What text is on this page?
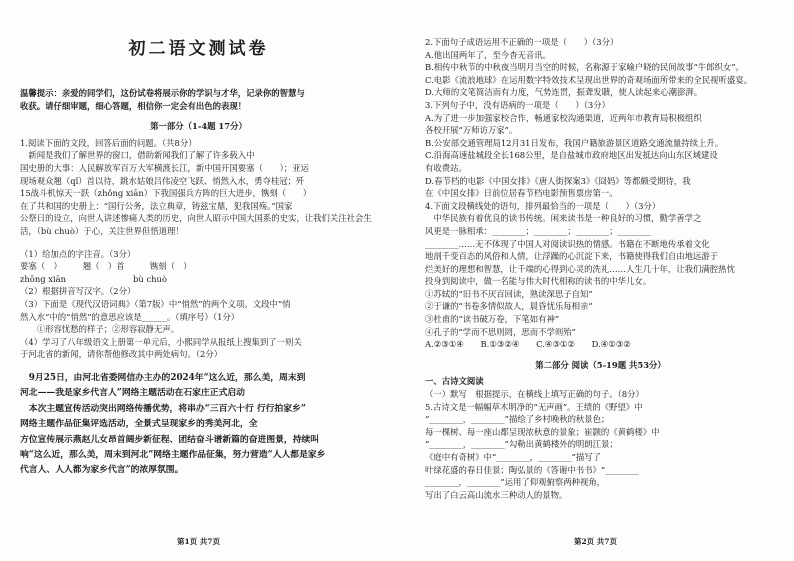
初二语文测试卷
温馨提示：亲爱的同学们，这份试卷将展示你的学识与才华，记录你的智慧与
收获。请仔细审题，细心答题，相信你一定会有出色的表现！
第一部分（1-4题 17分）
1.阅读下面的文段，回答后面的问题。（共8分）
　新闻是我们了解世界的窗口，借助新闻我们了解了许多载入中
国史册的大事：人民解放军百万大军横渡长江，新中国开国要塞（　　）；亚运
现场观众翘（qǐ）首以待，跳水姑娘吕伟凌空飞跃、悄然入水，勇夺桂冠；歼
15战斗机惊天一跃（zhǒng xiān）下我国强兵方阵的巨大进步，镌刻（　　）
在了共和国的史册上：“国行公务，法立典章，铸兹宝鼎，犯我国殇。”国家
公祭日的设立，向世人讲述惨痛人类的历史，向世人昭示中国大国系的史实，让我们关注社会生
活，（bù chuò）于心，关注世界但悟道理！
（1）给加点的字注音。（3分）
要塞（　）　　　翘（　）首　　　镌刻（　）
zhōng xiān　　　　　　　　bù chuò
（2）根据拼音写汉字。（2分）
（3）下面是《现代汉语词典》（第7版）中“悄然”的两个义项。文段中“悄
然入水”中的“悄然”的意思应该是______。（填序号）（1分）
　　①形容忧愁的样子；②形容寂静无声。
（4）学习了八年级语文上册第一单元后，小熙同学从报纸上搜集到了一则关
于河北省的新闻，请你帮他修改其中两处病句。（2分）
　9月25日，由河北省委网信办主办的2024年“这么近，那么美，周末到
河北——我是家乡代言人”网络主题活动在石家庄正式启动
　本次主题宣传活动突出网络传播优势，将串办“三百六十行 行行拍家乡”
网络主题作品征集评选活动，全景式呈现家乡的秀美河北，全
方位宣传展示燕赵儿女昂首阔步新征程、团结奋斗谱新篇的奋进图景，持续叫
响“这么近，那么美，周末到河北”网络主题作品征集，努力营造“人人都是家乡
代言人、人人都为家乡代言”的浓厚氛围。
第1页 共7页
2.下面句子成语运用不正确的一项是（　　）（3分）
A.他出国两年了，至今杳无音讯。
B.相传中秋节的中秋夜当明月当空的时候，名称源于家喻户晓的民间故事“牛郎织女”。
C.电影《流浪地球》在运用数字特效技术呈现出世界的奇观场面所带来的全民视听盛宴。
D.大师的文笔简洁而有力度，气势连贯，振聋发聩，使人读起来心潮澎湃。
3.下列句子中，没有语病的一项是（　　）（3分）
A.为了进一步加强家校合作，畅通家校沟通渠道，近两年市教育局积极组织
各校开展“万师访万家”。
B.公安部交通管理局12月31日发布，我国户籍旅游景区道路交通流量持续上升。
C.沿海高速盐城段全长168公里，是自盐城市政府地区出发抵达向山东区域建设
有收费站。
D.春节档的电影《中国女排》《唐人街探案3》《囧妈》等都颇受期待，我
在《中国女排》日前位居春节档电影预售票房第一。
4.下面文段横线处的语句，排列最恰当的一项是（　　）（3分）
　中华民族有着优良的读书传统。闲来读书是一种良好的习惯，勤学善学之
风更是一脉相承：________；________；________；________
________……无不体现了中国人对阅读识热的情感。书籍在不断地传承着文化
地剖千变百态的风俗和人情，让浮躁的心沉淀下来，书籍使得我们自由地远游于
烂美好的理想和智慧，让千端的心得到心灵的洗礼……人生几十年，让我们满腔热忱
投身到阅读中，做一名能与伟大时代相称的读书的中华儿女。
①苏轼的“旧书不厌百回读，熟读深思子自知”
②于谦的“书卷多情似故人，晨昏忧乐每相亲”
③杜甫的“读书破万卷，下笔如有神”
④孔子的“学而不思则罔，思而不学则殆”
A.②③①④　　B.①③②④　　C.④③①②　　D.④①③②
第二部分 阅读（5-19题 共53分）
一、古诗文阅读
（一）默写　根据提示，在横线上填写正确的句子。（8分）
5.古诗文是一幅幅草木明净的“无声画”。王绩的《野望》中
“________，________”描绘了乡村晚秋的秋景色；
每一棵树、每一座山都呈现浓秋意的景象；崔颢的《黄鹤楼》中
“________，________”勾勒出黄鹤楼外的明朗江景；
《庭中有奇树》中“________，________”描写了
叶绿花盛的春日佳景；陶弘景的《答谢中书书》“________
________，________”运用了仰观俯察两种视角，
写出了白云高山流水三种动人的景物。
第2页 共7页
